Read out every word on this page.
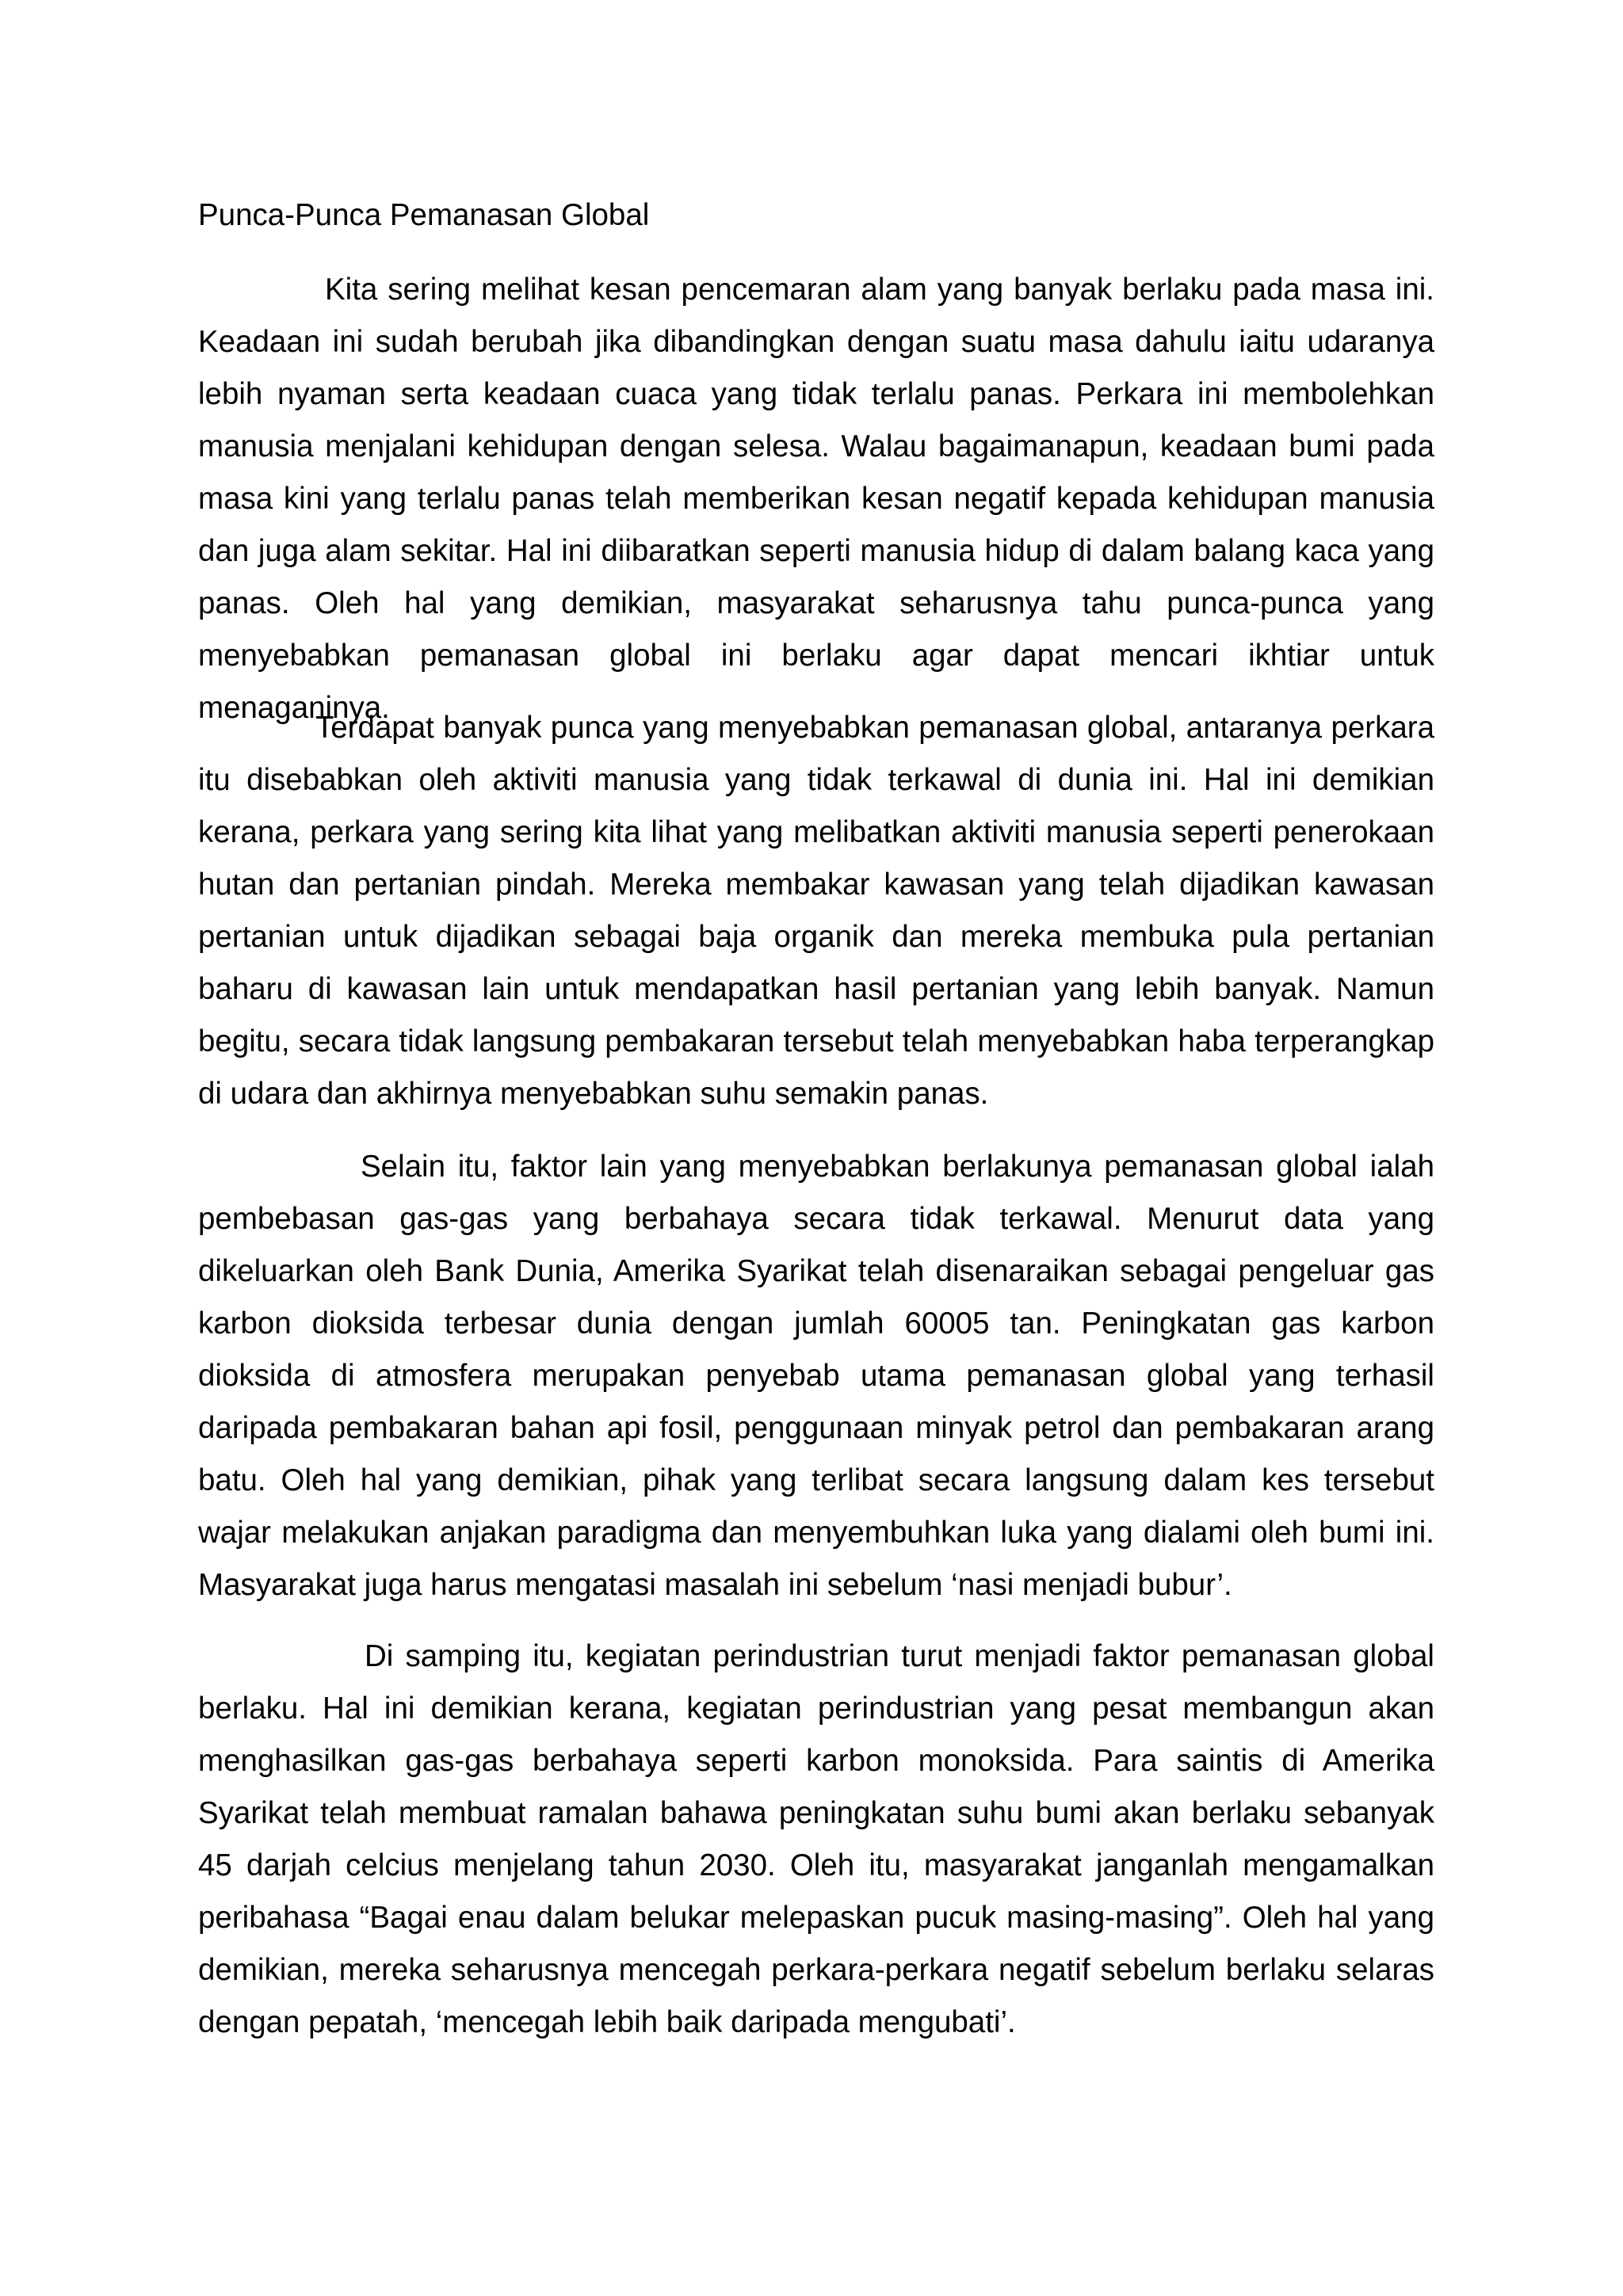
Punca-Punca Pemanasan Global

Kita sering melihat kesan pencemaran alam yang banyak berlaku pada masa ini. Keadaan ini sudah berubah jika dibandingkan dengan suatu masa dahulu iaitu udaranya lebih nyaman serta keadaan cuaca yang tidak terlalu panas. Perkara ini membolehkan manusia menjalani kehidupan dengan selesa. Walau bagaimanapun, keadaan bumi pada masa kini yang terlalu panas telah memberikan kesan negatif kepada kehidupan manusia dan juga alam sekitar. Hal ini diibaratkan seperti manusia hidup di dalam balang kaca yang panas. Oleh hal yang demikian, masyarakat seharusnya tahu punca-punca yang menyebabkan pemanasan global ini berlaku agar dapat mencari ikhtiar untuk menaganinya.

Terdapat banyak punca yang menyebabkan pemanasan global, antaranya perkara itu disebabkan oleh aktiviti manusia yang tidak terkawal di dunia ini. Hal ini demikian kerana, perkara yang sering kita lihat yang melibatkan aktiviti manusia seperti penerokaan hutan dan pertanian pindah. Mereka membakar kawasan yang telah dijadikan kawasan pertanian untuk dijadikan sebagai baja organik dan mereka membuka pula pertanian baharu di kawasan lain untuk mendapatkan hasil pertanian yang lebih banyak. Namun begitu, secara tidak langsung pembakaran tersebut telah menyebabkan haba terperangkap di udara dan akhirnya menyebabkan suhu semakin panas.

Selain itu, faktor lain yang menyebabkan berlakunya pemanasan global ialah pembebasan gas-gas yang berbahaya secara tidak terkawal. Menurut data yang dikeluarkan oleh Bank Dunia, Amerika Syarikat telah disenaraikan sebagai pengeluar gas karbon dioksida terbesar dunia dengan jumlah 60005 tan. Peningkatan gas karbon dioksida di atmosfera merupakan penyebab utama pemanasan global yang terhasil daripada pembakaran bahan api fosil, penggunaan minyak petrol dan pembakaran arang batu. Oleh hal yang demikian, pihak yang terlibat secara langsung dalam kes tersebut wajar melakukan anjakan paradigma dan menyembuhkan luka yang dialami oleh bumi ini. Masyarakat juga harus mengatasi masalah ini sebelum ‘nasi menjadi bubur’.

Di samping itu, kegiatan perindustrian turut menjadi faktor pemanasan global berlaku. Hal ini demikian kerana, kegiatan perindustrian yang pesat membangun akan menghasilkan gas-gas berbahaya seperti karbon monoksida. Para saintis di Amerika Syarikat telah membuat ramalan bahawa peningkatan suhu bumi akan berlaku sebanyak 45 darjah celcius menjelang tahun 2030. Oleh itu, masyarakat janganlah mengamalkan peribahasa “Bagai enau dalam belukar melepaskan pucuk masing-masing”. Oleh hal yang demikian, mereka seharusnya mencegah perkara-perkara negatif sebelum berlaku selaras dengan pepatah, ‘mencegah lebih baik daripada mengubati’.
